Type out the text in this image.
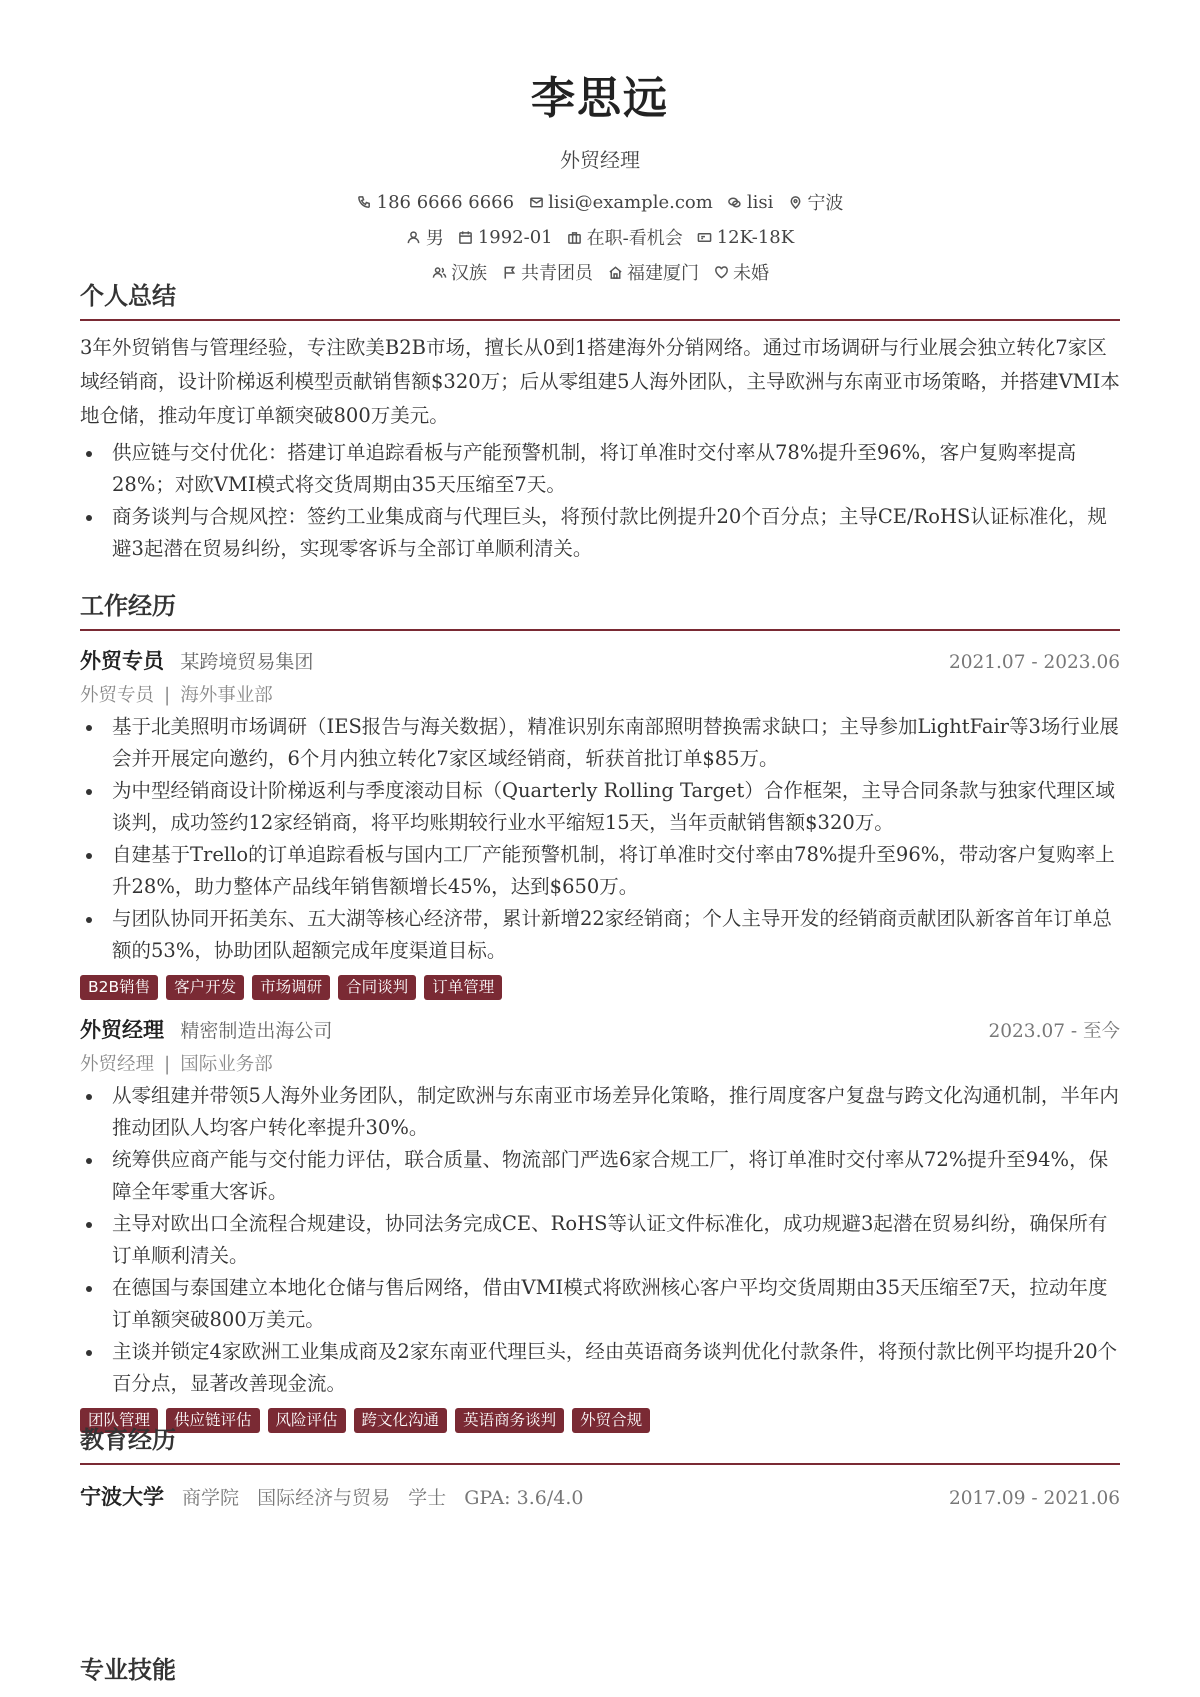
李思远
外贸经理
186 6666 6666 lisi@example.com lisi 宁波
男 1992-01 在职-看机会 12K-18K
汉族 共青团员 福建厦门 未婚
个人总结
3年外贸销售与管理经验，专注欧美B2B市场，擅长从0到1搭建海外分销网络。通过市场调研与行业展会独立转化7家区域经销商，设计阶梯返利模型贡献销售额$320万；后从零组建5人海外团队，主导欧洲与东南亚市场策略，并搭建VMI本地仓储，推动年度订单额突破800万美元。
供应链与交付优化：搭建订单追踪看板与产能预警机制，将订单准时交付率从78%提升至96%，客户复购率提高28%；对欧VMI模式将交货周期由35天压缩至7天。
商务谈判与合规风控：签约工业集成商与代理巨头，将预付款比例提升20个百分点；主导CE/RoHS认证标准化，规避3起潜在贸易纠纷，实现零客诉与全部订单顺利清关。
工作经历
外贸专员 某跨境贸易集团	2021.07 - 2023.06
外贸专员 | 海外事业部
基于北美照明市场调研（IES报告与海关数据），精准识别东南部照明替换需求缺口；主导参加LightFair等3场行业展会并开展定向邀约，6个月内独立转化7家区域经销商，斩获首批订单$85万。
为中型经销商设计阶梯返利与季度滚动目标（Quarterly Rolling Target）合作框架，主导合同条款与独家代理区域谈判，成功签约12家经销商，将平均账期较行业水平缩短15天，当年贡献销售额$320万。
自建基于Trello的订单追踪看板与国内工厂产能预警机制，将订单准时交付率由78%提升至96%，带动客户复购率上升28%，助力整体产品线年销售额增长45%，达到$650万。
与团队协同开拓美东、五大湖等核心经济带，累计新增22家经销商；个人主导开发的经销商贡献团队新客首年订单总额的53%，协助团队超额完成年度渠道目标。
B2B销售	客户开发	市场调研	合同谈判	订单管理
外贸经理 精密制造出海公司	2023.07 - 至今
外贸经理 | 国际业务部
从零组建并带领5人海外业务团队，制定欧洲与东南亚市场差异化策略，推行周度客户复盘与跨文化沟通机制，半年内推动团队人均客户转化率提升30%。
统筹供应商产能与交付能力评估，联合质量、物流部门严选6家合规工厂，将订单准时交付率从72%提升至94%，保障全年零重大客诉。
主导对欧出口全流程合规建设，协同法务完成CE、RoHS等认证文件标准化，成功规避3起潜在贸易纠纷，确保所有订单顺利清关。
在德国与泰国建立本地化仓储与售后网络，借由VMI模式将欧洲核心客户平均交货周期由35天压缩至7天，拉动年度订单额突破800万美元。
主谈并锁定4家欧洲工业集成商及2家东南亚代理巨头，经由英语商务谈判优化付款条件，将预付款比例平均提升20个百分点，显著改善现金流。
团队管理	供应链评估	风险评估	跨文化沟通	英语商务谈判	外贸合规
教育经历
宁波大学 商学院 国际经济与贸易 学士 GPA: 3.6/4.0	2017.09 - 2021.06
专业技能
